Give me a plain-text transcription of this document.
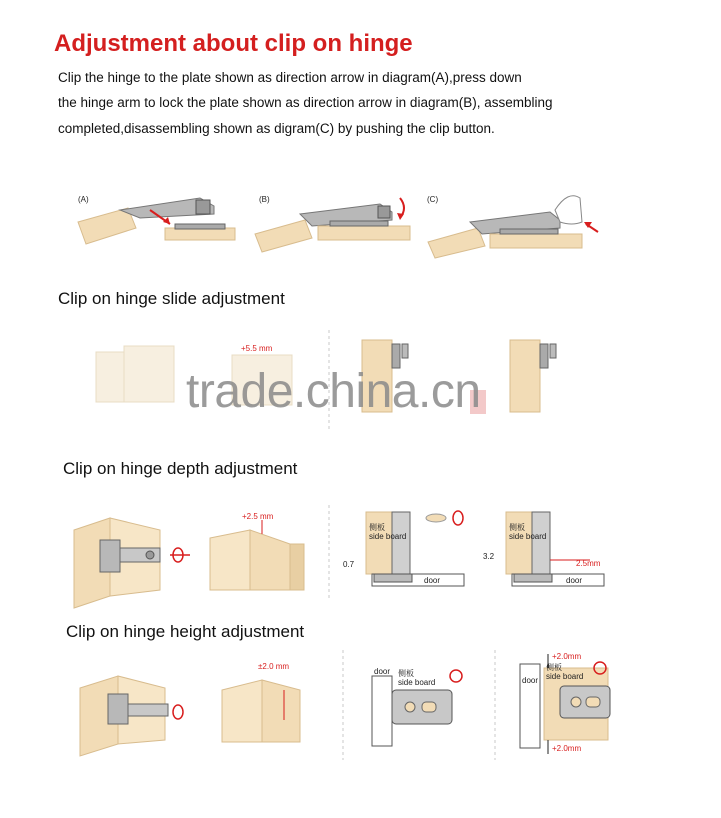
Adjustment about clip on hinge
Clip the hinge to the plate shown as direction arrow in diagram(A),press down
the hinge arm to lock the plate shown as direction arrow in diagram(B), assembling
completed,disassembling shown as digram(C) by pushing the clip button.
(A)	(B)	(C)
Clip on hinge slide adjustment
+5.5 mm
trade.china.cn
Clip on hinge depth adjustment
+2.5 mm
侧板
side board
侧板
side board
door	door
0.7
3.2
2.5mm
Clip on hinge height adjustment
±2.0 mm
door 侧板
side board	door
侧板
side board
+2.0mm
+2.0mm
